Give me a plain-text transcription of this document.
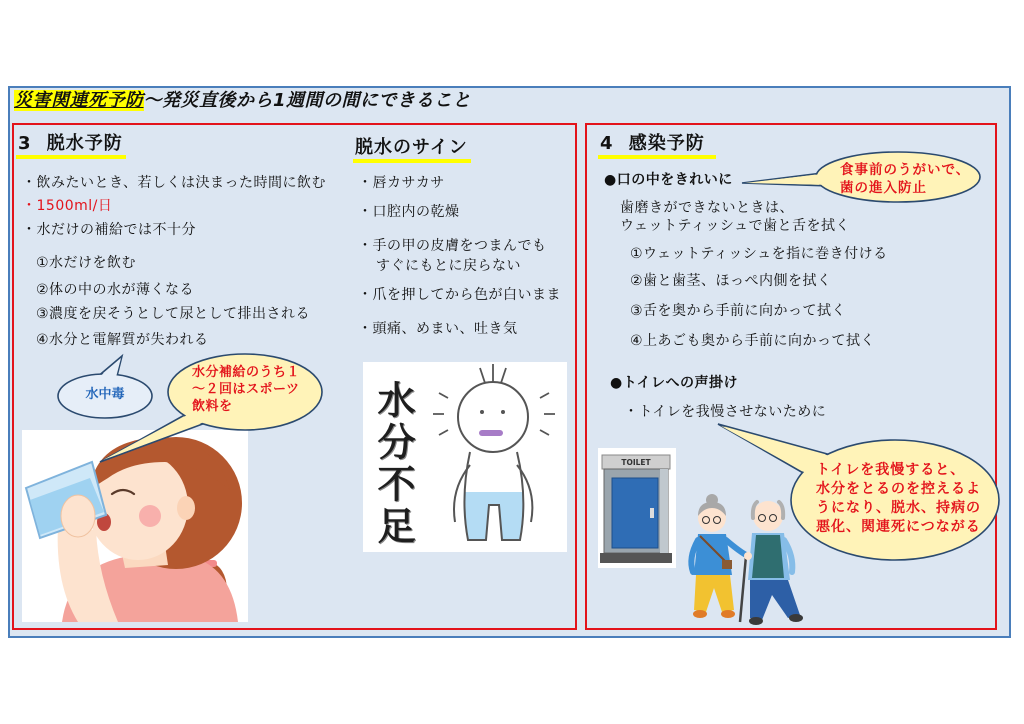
災害関連死予防～発災直後から1週間の間にできること
TOILET
3 脱水予防
・飲みたいとき、若しくは決まった時間に飲む
・1500ml/日
・水だけの補給では不十分
①水だけを飲む
②体の中の水が薄くなる
③濃度を戻そうとして尿として排出される
④水分と電解質が失われる
水中毒
水分補給のうち１
～２回はスポーツ
飲料を
脱水のサイン
・唇カサカサ
・口腔内の乾燥
・手の甲の皮膚をつまんでも
すぐにもとに戻らない
・爪を押してから色が白いまま
・頭痛、めまい、吐き気
水分不足
4 感染予防
●口の中をきれいに
食事前のうがいで、
菌の進入防止
歯磨きができないときは、
ウェットティッシュで歯と舌を拭く
①ウェットティッシュを指に巻き付ける
②歯と歯茎、ほっぺ内側を拭く
③舌を奥から手前に向かって拭く
④上あごも奥から手前に向かって拭く
●トイレへの声掛け
・トイレを我慢させないために
トイレを我慢すると、
水分をとるのを控えるよ
うになり、脱水、持病の
悪化、関連死につながる
